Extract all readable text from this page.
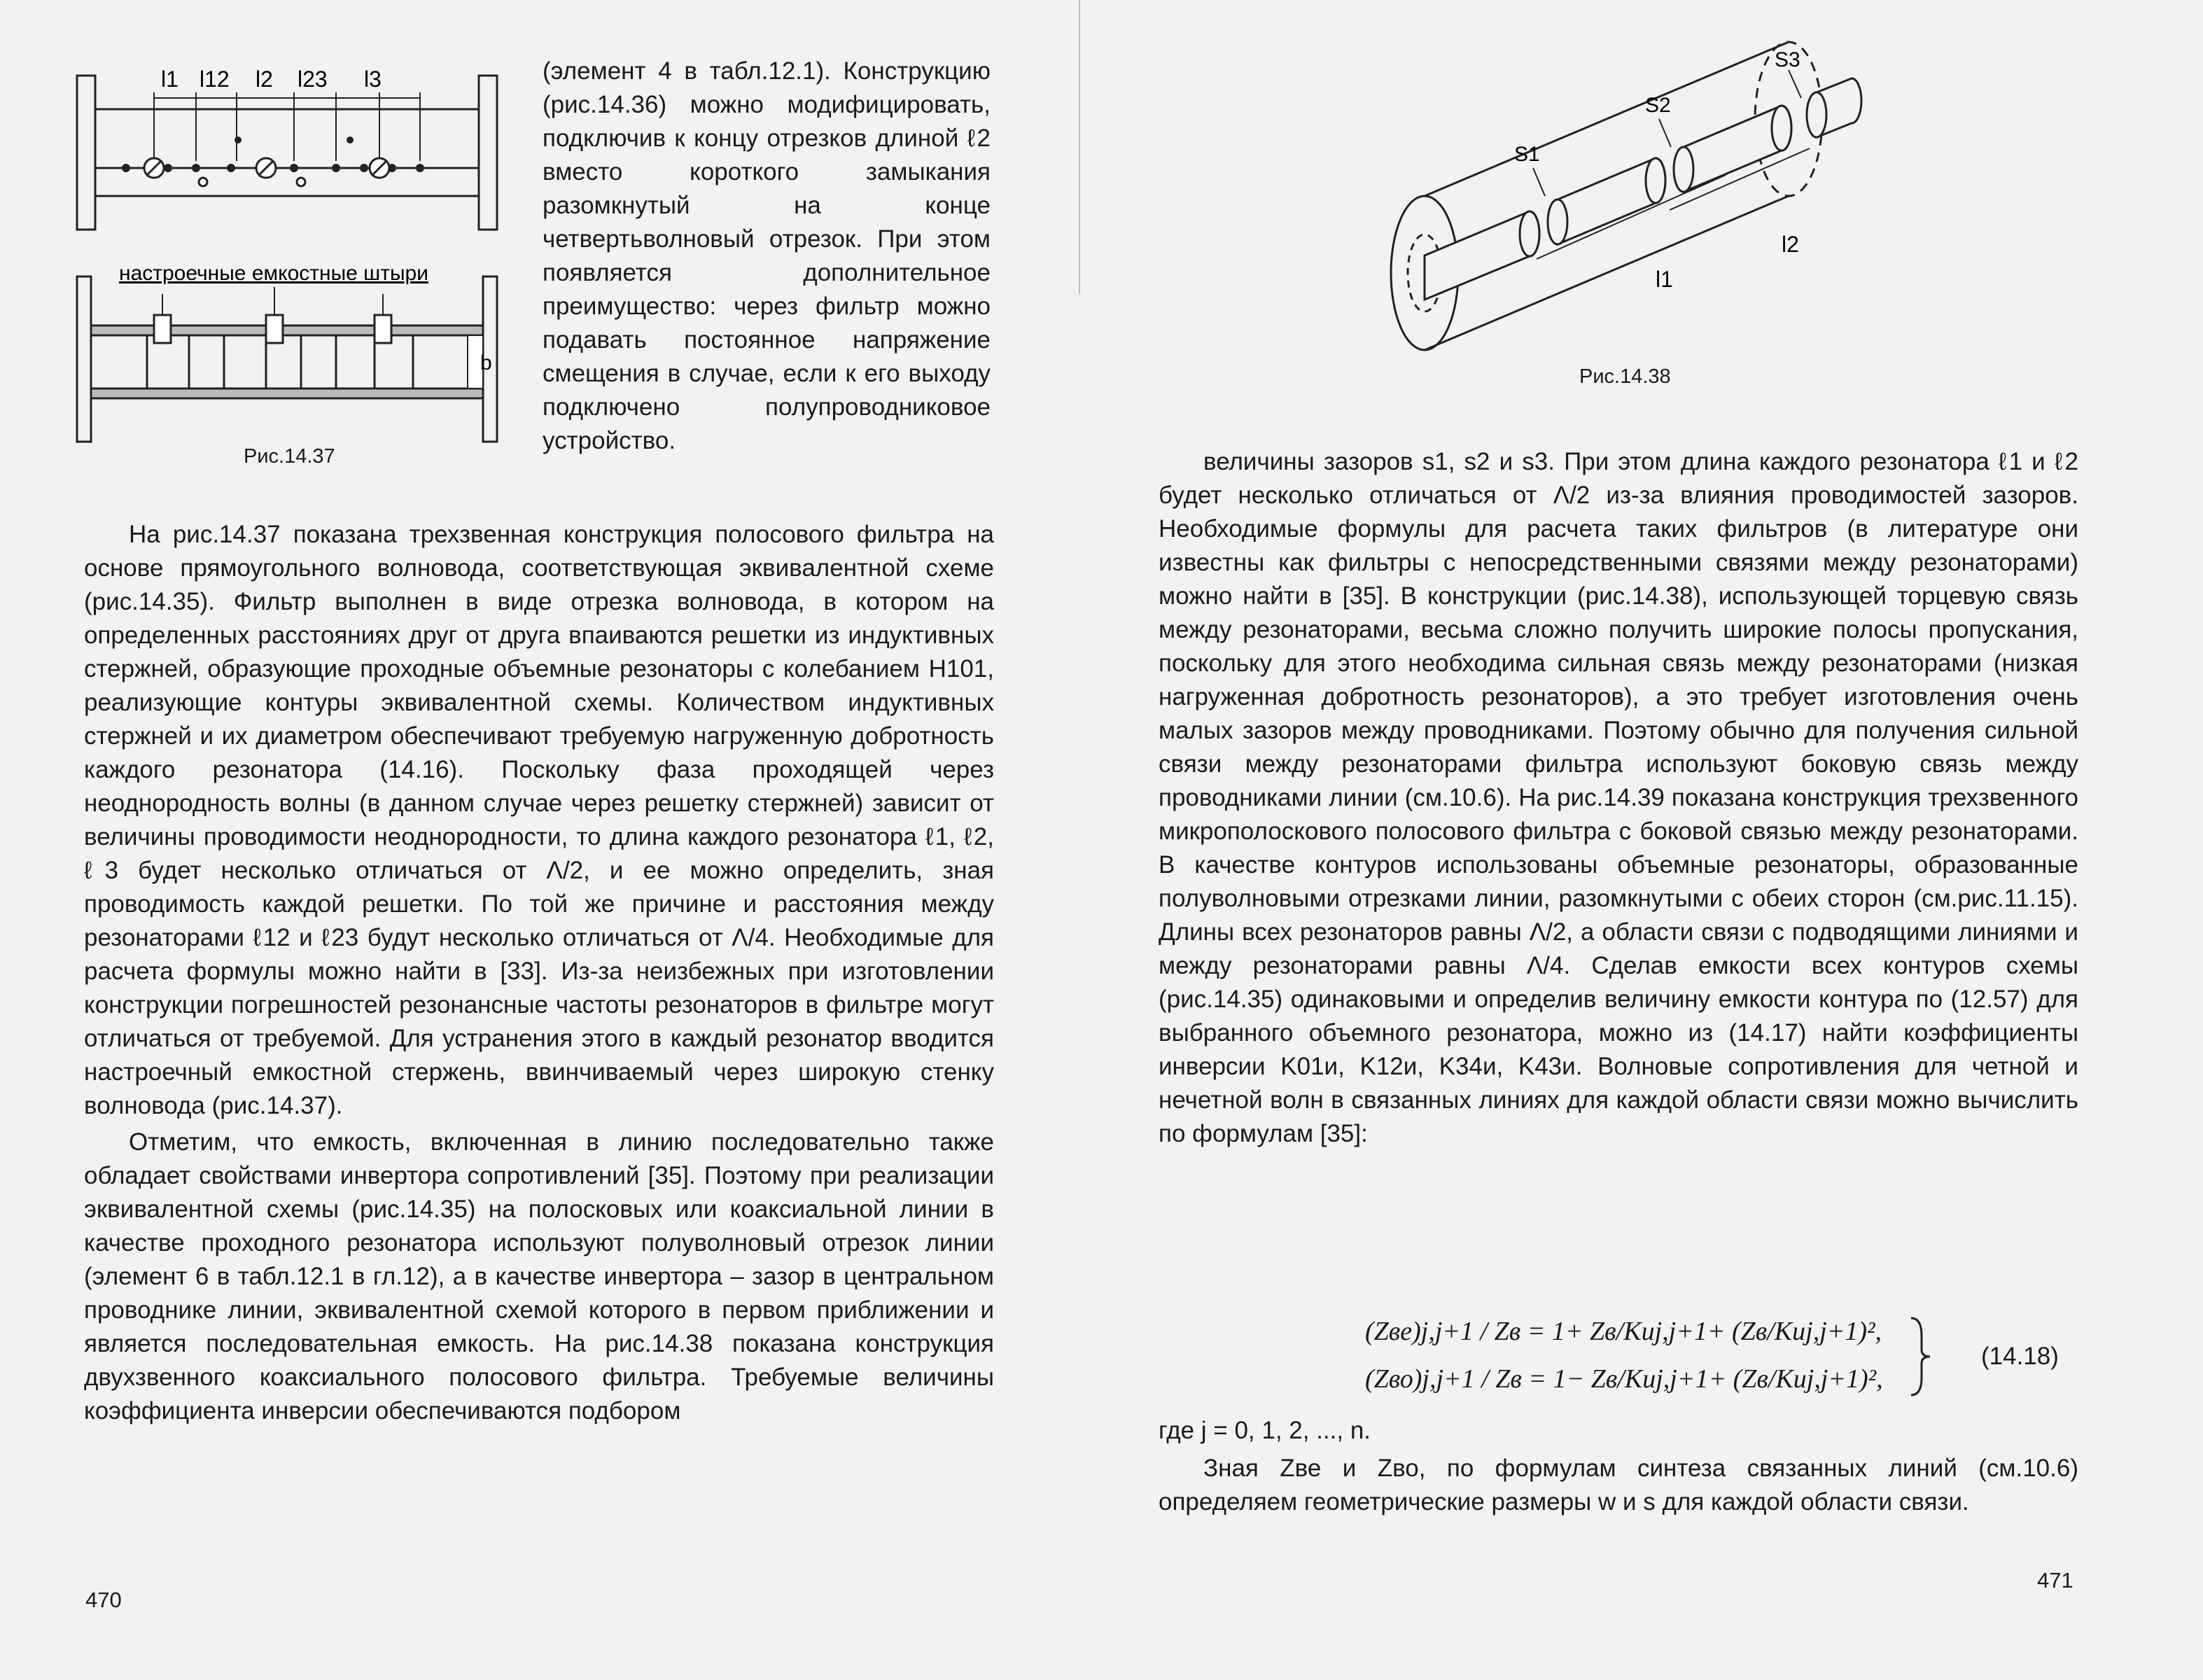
l1 l12 l2 l23 l3
настроечные емкостные штыри
b
Рис.14.37

(элемент 4 в табл.12.1). Конструкцию (рис.14.36) можно модифицировать, подключив к концу отрезков длиной ℓ2 вместо короткого замыкания разомкнутый на конце четвертьволновый отрезок. При этом появляется дополнительное преимущество: через фильтр можно подавать постоянное напряжение смещения в случае, если к его выходу подключено полупроводниковое устройство.

На рис.14.37 показана трехзвенная конструкция полосового фильтра на основе прямоугольного волновода, соответствующая эквивалентной схеме (рис.14.35). Фильтр выполнен в виде отрезка волновода, в котором на определенных расстояниях друг от друга впаиваются решетки из индуктивных стержней, образующие проходные объемные резонаторы с колебанием H101, реализующие контуры эквивалентной схемы. Количеством индуктивных стержней и их диаметром обеспечивают требуемую нагруженную добротность каждого резонатора (14.16). Поскольку фаза проходящей через неоднородность волны (в данном случае через решетку стержней) зависит от величины проводимости неоднородности, то длина каждого резонатора ℓ1, ℓ2, ℓ3 будет несколько отличаться от Λ/2, и ее можно определить, зная проводимость каждой решетки. По той же причине и расстояния между резонаторами ℓ12 и ℓ23 будут несколько отличаться от Λ/4. Необходимые для расчета формулы можно найти в [33]. Из-за неизбежных при изготовлении конструкции погрешностей резонансные частоты резонаторов в фильтре могут отличаться от требуемой. Для устранения этого в каждый резонатор вводится настроечный емкостной стержень, ввинчиваемый через широкую стенку волновода (рис.14.37).

Отметим, что емкость, включенная в линию последовательно также обладает свойствами инвертора сопротивлений [35]. Поэтому при реализации эквивалентной схемы (рис.14.35) на полосковых или коаксиальной линии в качестве проходного резонатора используют полуволновый отрезок линии (элемент 6 в табл.12.1 в гл.12), а в качестве инвертора – зазор в центральном проводнике линии, эквивалентной схемой которого в первом приближении и является последовательная емкость. На рис.14.38 показана конструкция двухзвенного коаксиального полосового фильтра. Требуемые величины коэффициента инверсии обеспечиваются подбором

470
S1
S2
S3
l1
l2
Рис.14.38

величины зазоров s1, s2 и s3. При этом длина каждого резонатора ℓ1 и ℓ2 будет несколько отличаться от Λ/2 из-за влияния проводимостей зазоров. Необходимые формулы для расчета таких фильтров (в литературе они известны как фильтры с непосредственными связями между резонаторами) можно найти в [35]. В конструкции (рис.14.38), использующей торцевую связь между резонаторами, весьма сложно получить широкие полосы пропускания, поскольку для этого необходима сильная связь между резонаторами (низкая нагруженная добротность резонаторов), а это требует изготовления очень малых зазоров между проводниками. Поэтому обычно для получения сильной связи между резонаторами фильтра используют боковую связь между проводниками линии (см.10.6). На рис.14.39 показана конструкция трехзвенного микрополоскового полосового фильтра с боковой связью между резонаторами. В качестве контуров использованы объемные резонаторы, образованные полуволновыми отрезками линии, разомкнутыми с обеих сторон (см.рис.11.15). Длины всех резонаторов равны Λ/2, а области связи с подводящими линиями и между резонаторами равны Λ/4. Сделав емкости всех контуров схемы (рис.14.35) одинаковыми и определив величину емкости контура по (12.57) для выбранного объемного резонатора, можно из (14.17) найти коэффициенты инверсии K01и, K12и, K34и, K43и. Волновые сопротивления для четной и нечетной волн в связанных линиях для каждой области связи можно вычислить по формулам [35]:

(Zве)j,j+1 / Zв = 1+ Zв/Kиj,j+1+ (Zв/Kиj,j+1)²,
(Zво)j,j+1 / Zв = 1− Zв/Kиj,j+1+ (Zв/Kиj,j+1)²,
(14.18)
где j = 0, 1, 2, ..., n.

Зная Zве и Zво, по формулам синтеза связанных линий (см.10.6) определяем геометрические размеры w и s для каждой области связи.

471
